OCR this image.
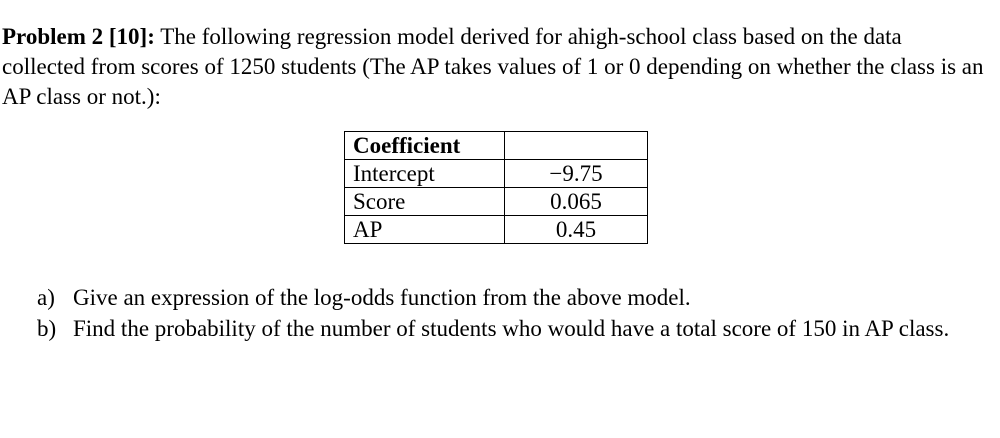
Problem 2 [10]: The following regression model derived for ahigh-school class based on the data collected from scores of 1250 students (The AP takes values of 1 or 0 depending on whether the class is an AP class or not.):
Coefficient	
Intercept	−9.75
Score	0.065
AP	0.45
a) Give an expression of the log-odds function from the above model.
b) Find the probability of the number of students who would have a total score of 150 in AP class.
